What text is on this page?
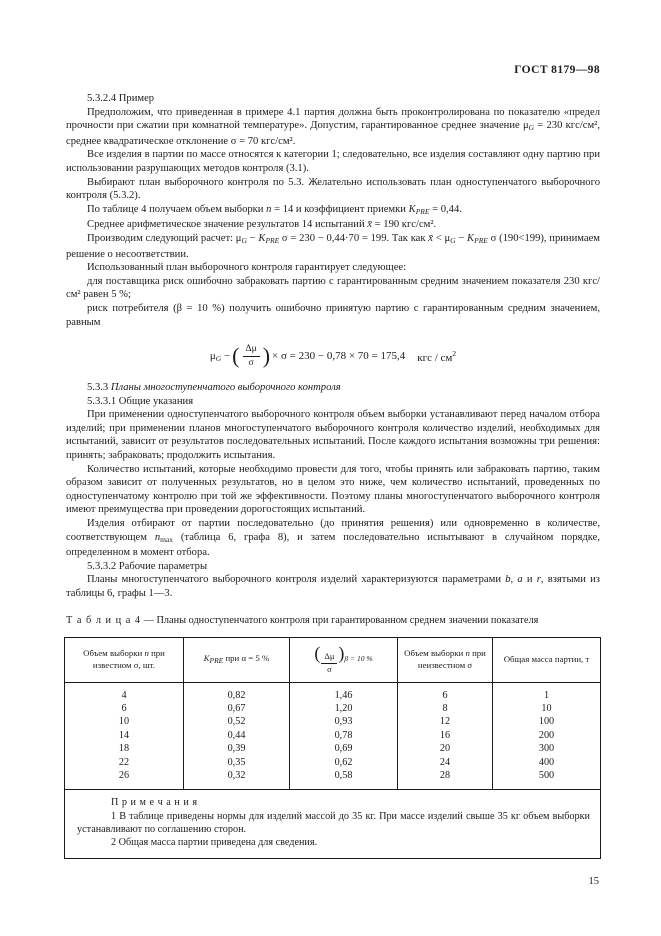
ГОСТ 8179—98

5.3.2.4 Пример

Предположим, что приведенная в примере 4.1 партия должна быть проконтролирована по показателю «предел прочности при сжатии при комнатной температуре». Допустим, гарантированное среднее значение μG = 230 кгс/см², среднее квадратическое отклонение σ = 70 кгс/см².

Все изделия в партии по массе относятся к категории 1; следовательно, все изделия составляют одну партию при использовании разрушающих методов контроля (3.1).

Выбирают план выборочного контроля по 5.3. Желательно использовать план одноступенчатого выборочного контроля (5.3.2).

По таблице 4 получаем объем выборки n = 14 и коэффициент приемки KPRE = 0,44.

Среднее арифметическое значение результатов 14 испытаний x̄ = 190 кгс/см².

Производим следующий расчет: μG − KPRE σ = 230 − 0,44·70 = 199. Так как x̄ < μG − KPRE σ (190<199), принимаем решение о несоответствии.

Использованный план выборочного контроля гарантирует следующее:

для поставщика риск ошибочно забраковать партию с гарантированным средним значением показателя 230 кгс/см² равен 5 %;

риск потребителя (β = 10 %) получить ошибочно принятую партию с гарантированным средним значением, равным

μG − ( $\frac{\Delta\mu}{\sigma}$ ) × σ = 230 − 0,78 × 70 = 175,4 кгс / $см^2$

5.3.3 Планы многоступенчатого выборочного контроля

5.3.3.1 Общие указания

При применении одноступенчатого выборочного контроля объем выборки устанавливают перед началом отбора изделий; при применении планов многоступенчатого выборочного контроля количество изделий, необходимых для испытаний, зависит от результатов последовательных испытаний. После каждого испытания возможны три решения: принять; забраковать; продолжить испытания.

Количество испытаний, которые необходимо провести для того, чтобы принять или забраковать партию, таким образом зависит от полученных результатов, но в целом это ниже, чем количество испытаний, проведенных по одноступенчатому контролю при той же эффективности. Поэтому планы многоступенчатого выборочного контроля имеют преимущества при проведении дорогостоящих испытаний.

Изделия отбирают от партии последовательно (до принятия решения) или одновременно в количестве, соответствующем nmax (таблица 6, графа 8), и затем последовательно испытывают в случайном порядке, определенном в момент отбора.

5.3.3.2 Рабочие параметры

Планы многоступенчатого выборочного контроля изделий характеризуются параметрами b, a и r, взятыми из таблицы 6, графы 1—3.

Т а б л и ц а 4 — Планы одноступенчатого контроля при гарантированном среднем значении показателя

Объем выборки n при известном σ, шт.	KPRE при α = 5 %	( $\frac{\Delta\mu}{\sigma} )\beta = 10$ %	Объем выборки n при неизвестном σ	Общая масса партии, т
4	0,82	1,46	6	1
6	0,67	1,20	8	10
10	0,52	0,93	12	100
14	0,44	0,78	16	200
18	0,39	0,69	20	300
22	0,35	0,62	24	400
26	0,32	0,58	28	500

П р и м е ч а н и я

1 В таблице приведены нормы для изделий массой до 35 кг. При массе изделий свыше 35 кг объем выборки устанавливают по соглашению сторон.

2 Общая масса партии приведена для сведения.				

15
